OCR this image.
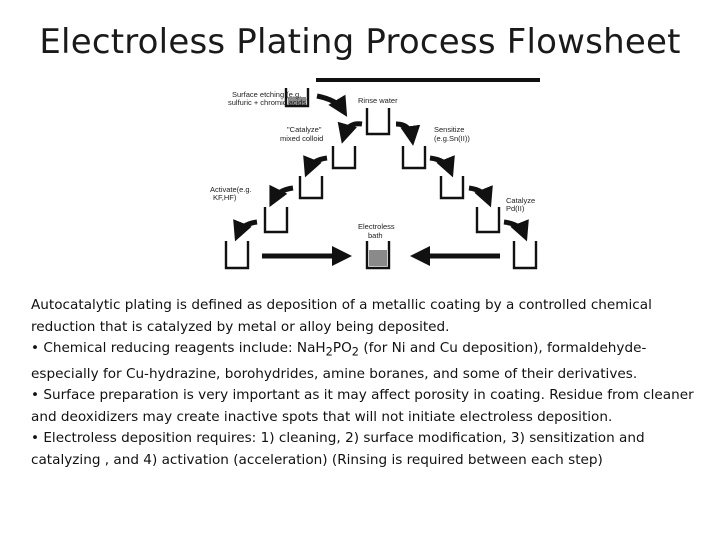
Electroless Plating Process Flowsheet
Surface etching (e.g.
sulfuric + chromic acids)	Rinse water
"Catalyze"
mixed colloid
Sensitize
(e.g.Sn(II))
Activate(e.g.
KF,HF)	Catalyze
Pd(II)
Electroless
bath

Autocatalytic plating is defined as deposition of a metallic coating by a controlled chemical reduction that is catalyzed by metal or alloy being deposited.

• Chemical reducing reagents include: $NaH_2PO_2$ (for Ni and Cu deposition), formaldehyde-especially for Cu-hydrazine, borohydrides, amine boranes, and some of their derivatives.

• Surface preparation is very important as it may affect porosity in coating. Residue from cleaner and deoxidizers may create inactive spots that will not initiate electroless deposition.

• Electroless deposition requires: 1) cleaning, 2) surface modification, 3) sensitization and catalyzing , and 4) activation (acceleration) (Rinsing is required between each step)
